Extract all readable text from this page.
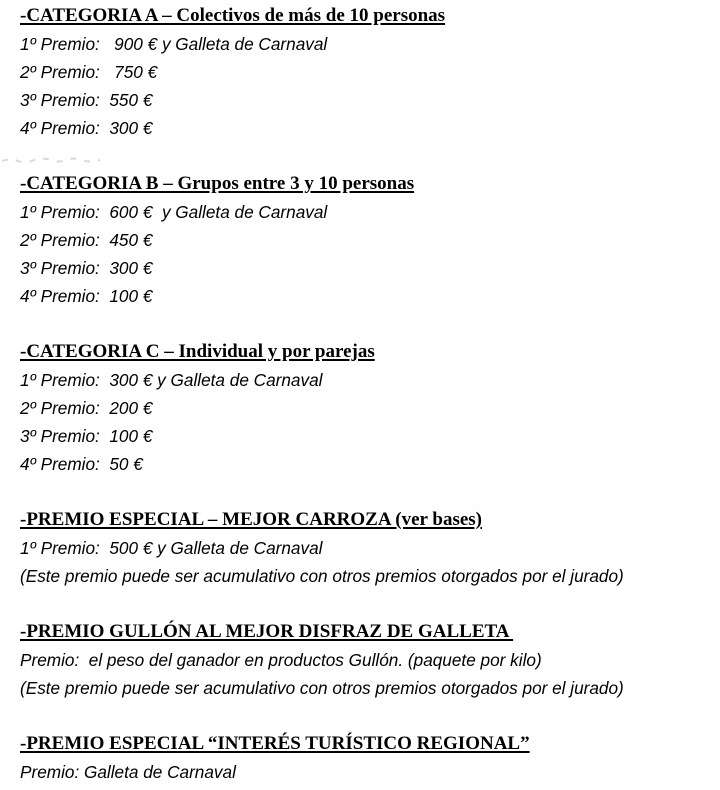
-CATEGORIA A – Colectivos de más de 10 personas
1º Premio:   900 € y Galleta de Carnaval
2º Premio:   750 €
3º Premio:  550 €
4º Premio:  300 €
-CATEGORIA B – Grupos entre 3 y 10 personas
1º Premio:  600 €  y Galleta de Carnaval
2º Premio:  450 €
3º Premio:  300 €
4º Premio:  100 €
-CATEGORIA C – Individual y por parejas
1º Premio:  300 € y Galleta de Carnaval
2º Premio:  200 €
3º Premio:  100 €
4º Premio:  50 €
-PREMIO ESPECIAL – MEJOR CARROZA (ver bases)
1º Premio:  500 € y Galleta de Carnaval
(Este premio puede ser acumulativo con otros premios otorgados por el jurado)
-PREMIO GULLÓN AL MEJOR DISFRAZ DE GALLETA
Premio:  el peso del ganador en productos Gullón. (paquete por kilo)
(Este premio puede ser acumulativo con otros premios otorgados por el jurado)
-PREMIO ESPECIAL “INTERÉS TURÍSTICO REGIONAL”
Premio: Galleta de Carnaval
